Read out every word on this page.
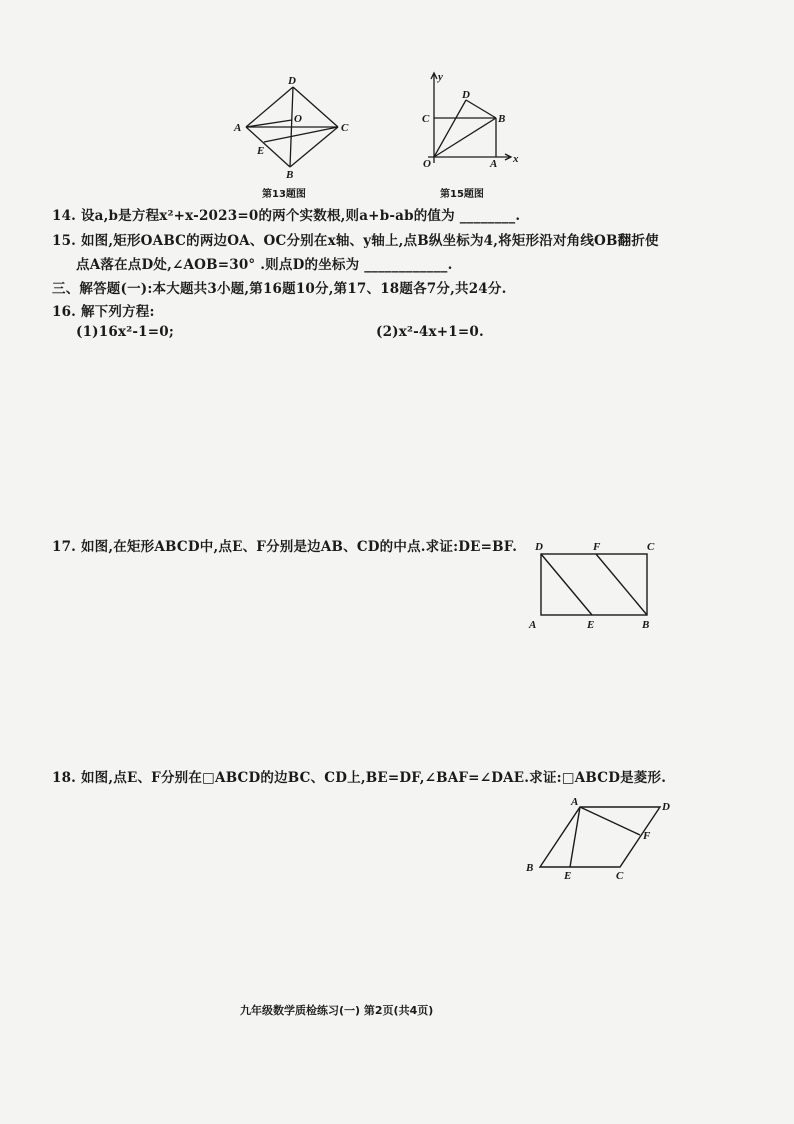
D
A
O
C
E
B
第13题图
y
D
C	B
O	A x
第15题图
14. 设a,b是方程x²+x-2023=0的两个实数根,则a+b-ab的值为 ________.
15. 如图,矩形OABC的两边OA、OC分别在x轴、y轴上,点B纵坐标为4,将矩形沿对角线OB翻折使
点A落在点D处,∠AOB=30° .则点D的坐标为 ____________.
三、解答题(一):本大题共3小题,第16题10分,第17、18题各7分,共24分.
16. 解下列方程:
(1)16x²-1=0;	(2)x²-4x+1=0.
17. 如图,在矩形ABCD中,点E、F分别是边AB、CD的中点.求证:DE=BF. D	F	C
A	E	B
18. 如图,点E、F分别在□ABCD的边BC、CD上,BE=DF,∠BAF=∠DAE.求证:□ABCD是菱形.
A	D
F
B
E	C
九年级数学质检练习(一) 第2页(共4页)
